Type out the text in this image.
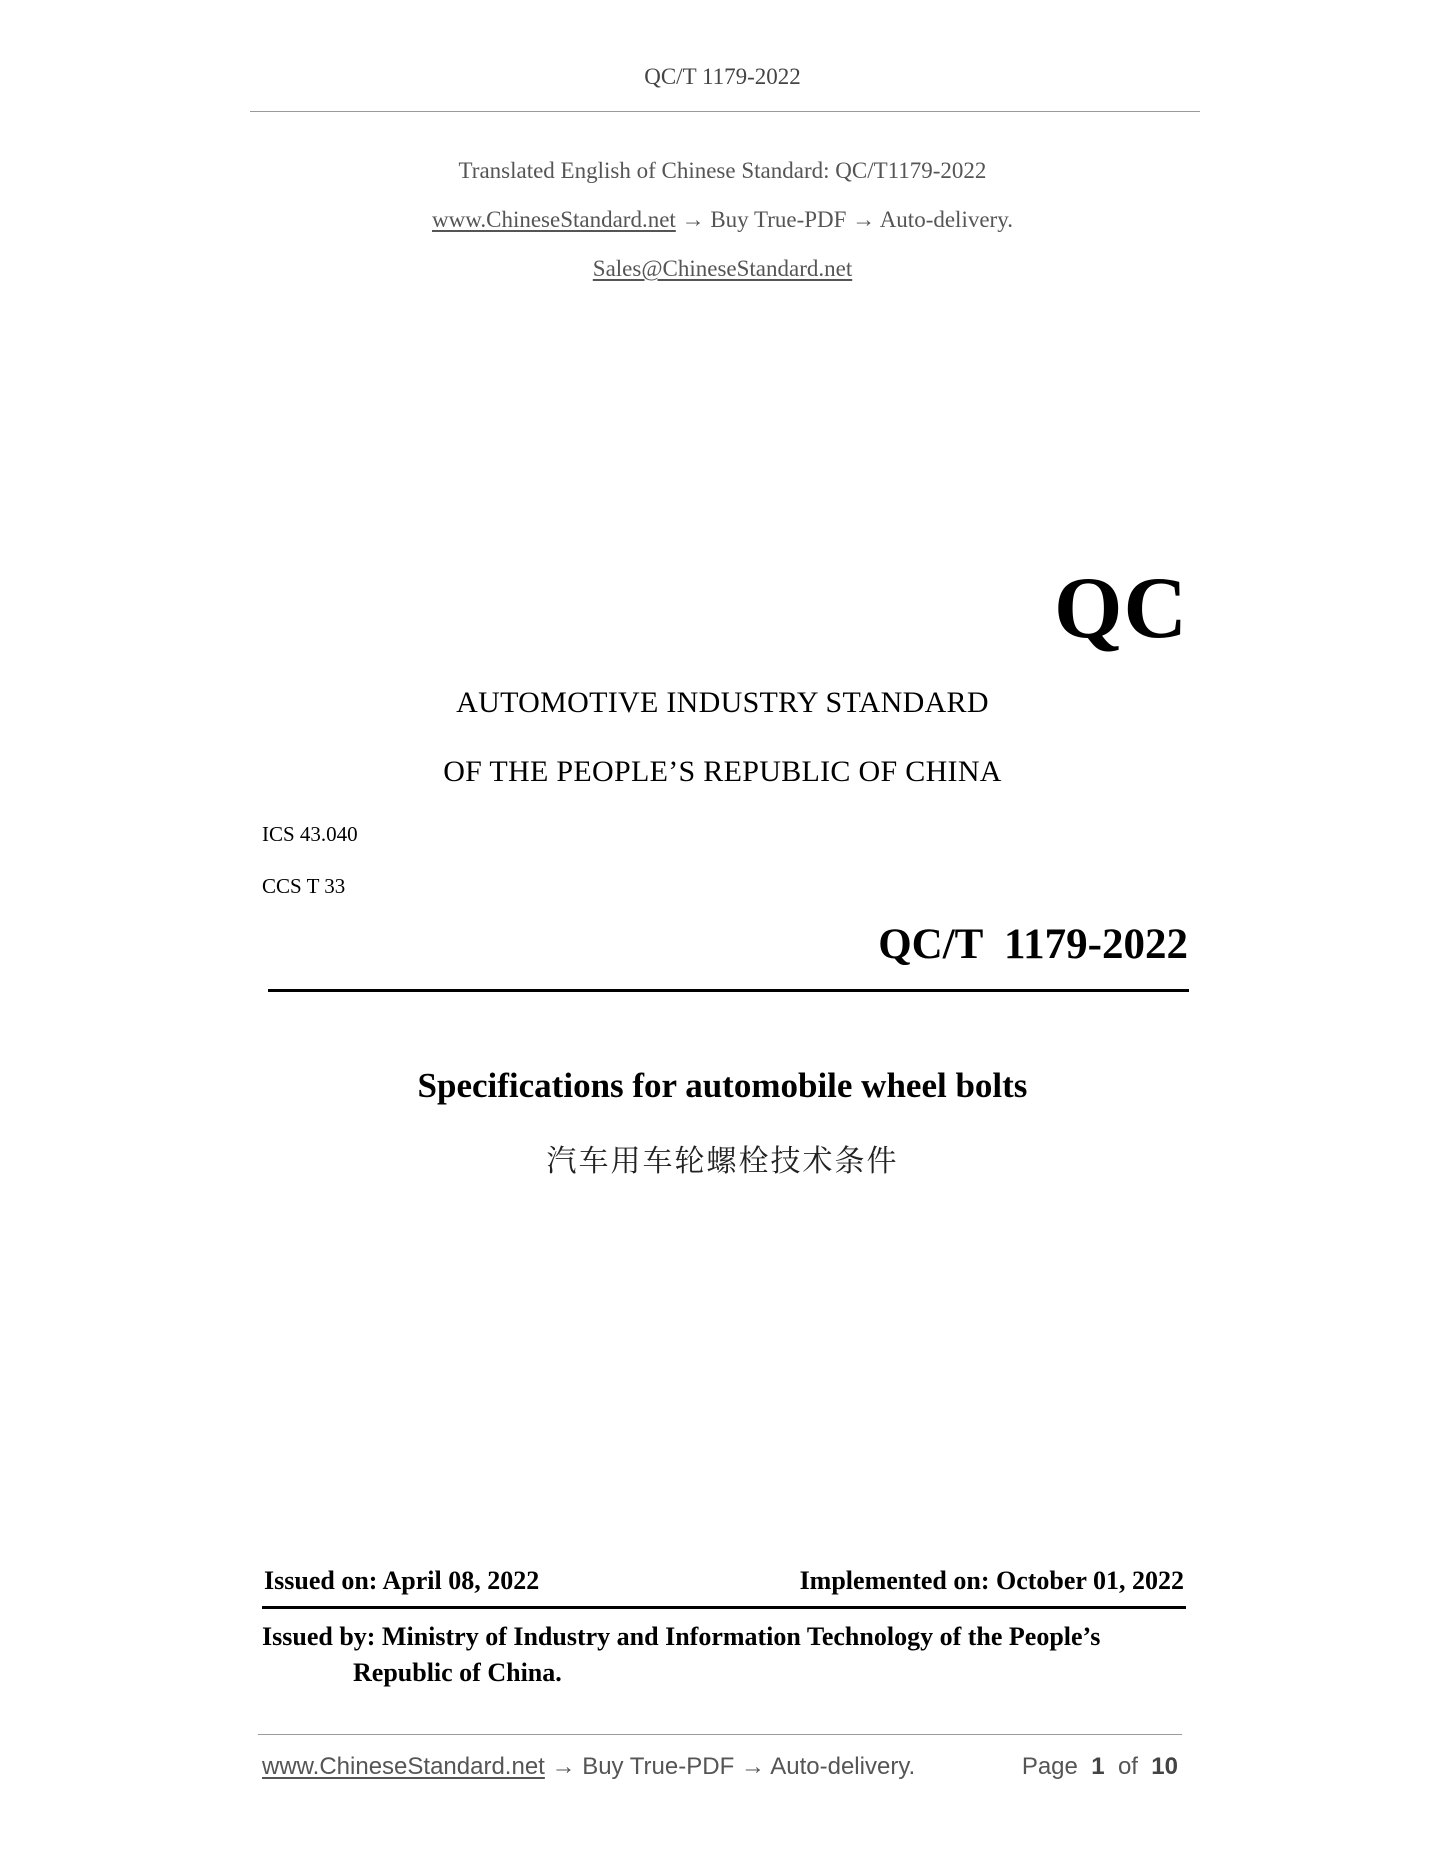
QC/T 1179-2022
Translated English of Chinese Standard: QC/T1179-2022
www.ChineseStandard.net → Buy True-PDF → Auto-delivery.
Sales@ChineseStandard.net
QC
AUTOMOTIVE INDUSTRY STANDARD
OF THE PEOPLE’S REPUBLIC OF CHINA
ICS 43.040
CCS T 33
QC/T  1179-2022
Specifications for automobile wheel bolts
汽车用车轮螺栓技术条件
Issued on: April 08, 2022	Implemented on: October 01, 2022
Issued by: Ministry of Industry and Information Technology of the People’s
Republic of China.
www.ChineseStandard.net → Buy True-PDF → Auto-delivery.	Page 1 of 10
